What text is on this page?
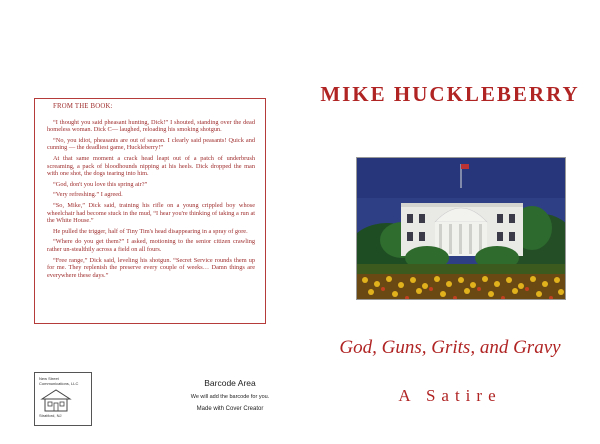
FROM THE BOOK:

“I thought you said pheasant hunting, Dick!” I shouted, standing over the dead homeless woman. Dick C— laughed, reloading his smoking shotgun.

“No, you idiot, pheasants are out of season. I clearly said peasants! Quick and cunning — the deadliest game, Huckleberry!”

At that same moment a crack head leapt out of a patch of underbrush screaming, a pack of bloodhounds nipping at his heels. Dick dropped the man with one shot, the dogs tearing into him.

“God, don't you love this spring air?”

“Very refreshing.” I agreed.

“So, Mike,” Dick said, training his rifle on a young crippled boy whose wheelchair had become stuck in the mud, “I hear you're thinking of taking a run at the White House.”

He pulled the trigger, half of Tiny Tim's head disappearing in a spray of gore.

“Where do you get them?” I asked, motioning to the senior citizen crawling rather un-stealthily across a field on all fours.

“Free range,” Dick said, leveling his shotgun. “Secret Service rounds them up for me. They replenish the preserve every couple of weeks… Damn things are everywhere these days.”

New Street
Communications, LLC
Stratford, NJ
Barcode Area
We will add the barcode for you.
Made with Cover Creator
MIKE HUCKLEBERRY
God, Guns, Grits, and Gravy
A Satire
